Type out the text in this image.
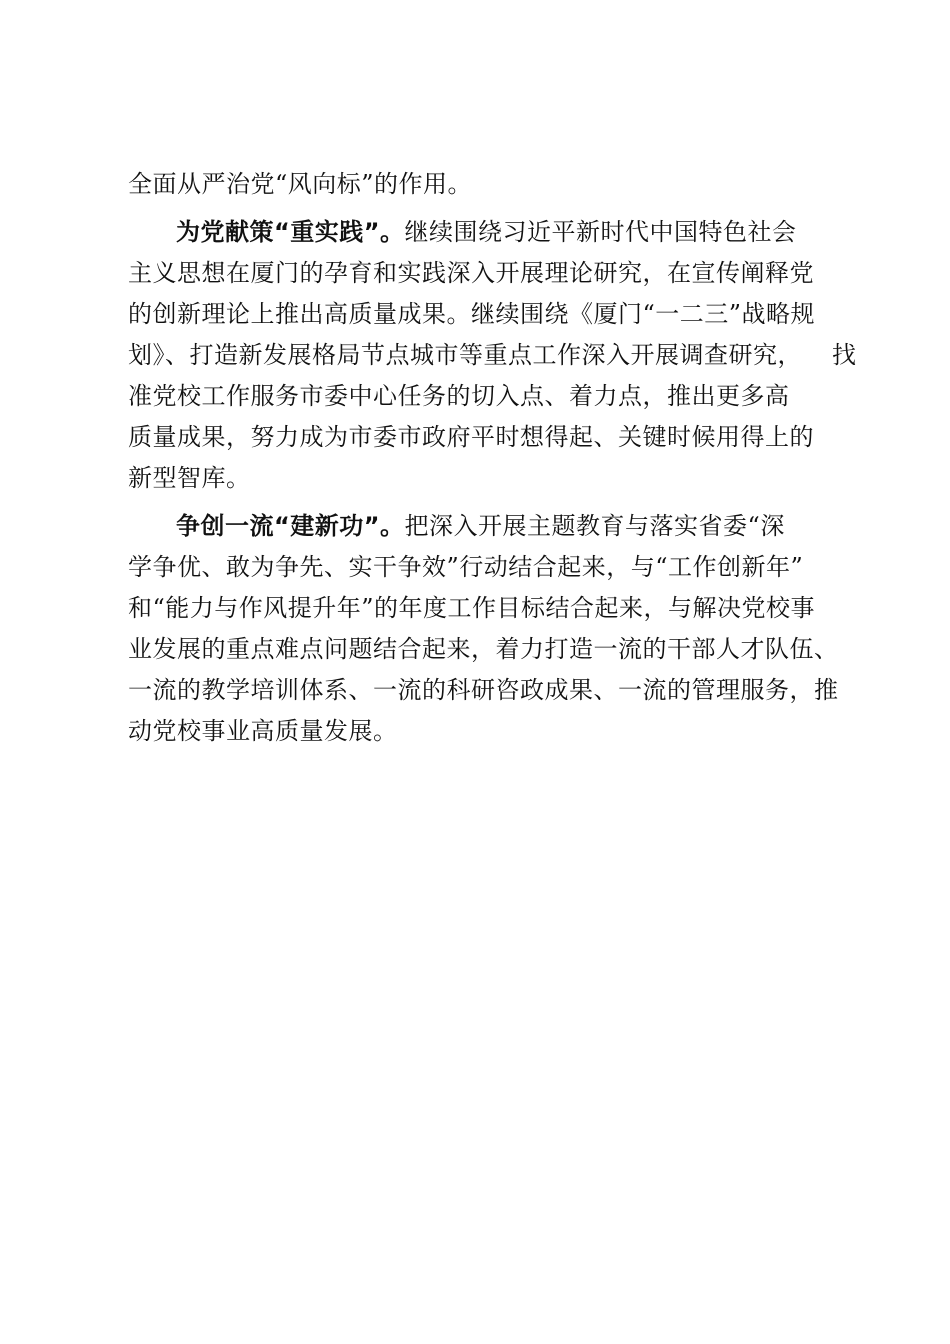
全面从严治党“风向标”的作用。
为党献策“重实践”。继续围绕习近平新时代中国特色社会
主义思想在厦门的孕育和实践深入开展理论研究，在宣传阐释党
的创新理论上推出高质量成果。继续围绕《厦门“一二三”战略规
划》、打造新发展格局节点城市等重点工作深入开展调查研究， 找
准党校工作服务市委中心任务的切入点、着力点，推出更多高
质量成果，努力成为市委市政府平时想得起、关键时候用得上的
新型智库。
争创一流“建新功”。把深入开展主题教育与落实省委“深
学争优、敢为争先、实干争效”行动结合起来，与“工作创新年”
和“能力与作风提升年”的年度工作目标结合起来，与解决党校事
业发展的重点难点问题结合起来，着力打造一流的干部人才队伍、
一流的教学培训体系、一流的科研咨政成果、一流的管理服务，推
动党校事业高质量发展。
